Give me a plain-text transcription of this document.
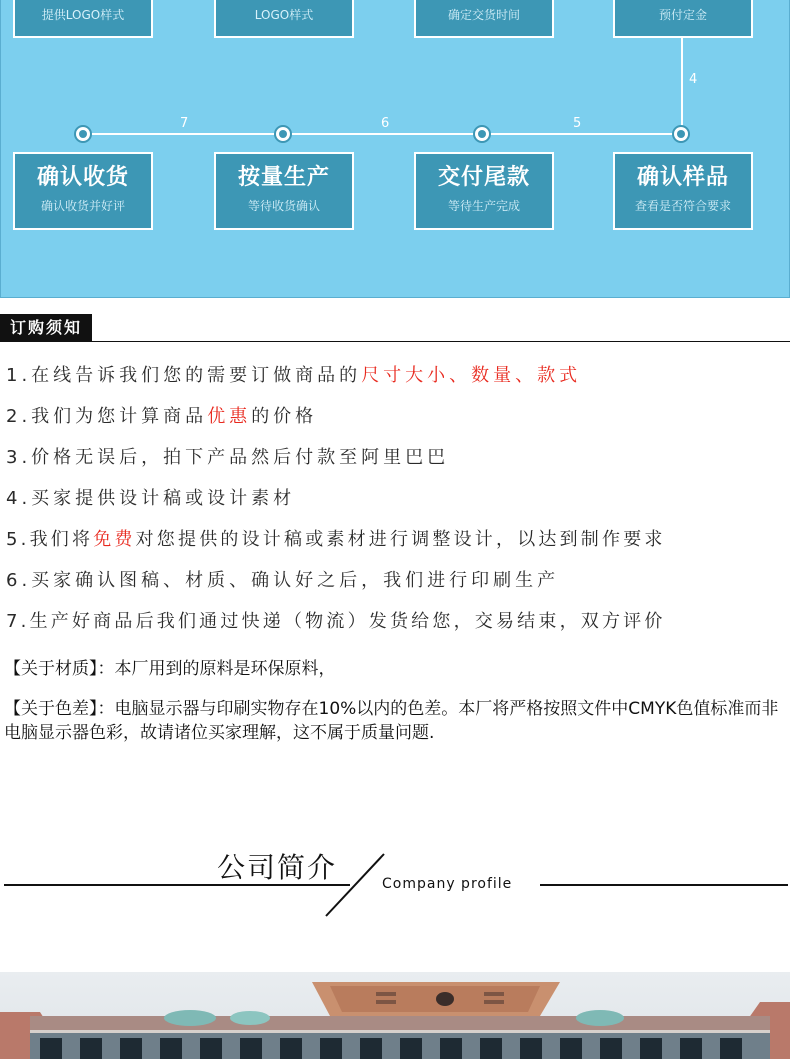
提供LOGO样式	LOGO样式	确定交货时间	预付定金
4
5
6
7
确认收货
确认收货并好评
按量生产
等待收货确认
交付尾款
等待生产完成
确认样品
查看是否符合要求
订购须知
1.在线告诉我们您的需要订做商品的尺寸大小、数量、款式
2.我们为您计算商品优惠的价格
3.价格无误后，拍下产品然后付款至阿里巴巴
4.买家提供设计稿或设计素材
5.我们将免费对您提供的设计稿或素材进行调整设计，以达到制作要求
6.买家确认图稿、材质、确认好之后，我们进行印刷生产
7.生产好商品后我们通过快递（物流）发货给您，交易结束，双方评价
【关于材质】：本厂用到的原料是环保原料，
【关于色差】：电脑显示器与印刷实物存在10%以内的色差。本厂将严格按照文件中CMYK色值标准而非电脑显示器色彩，故请诸位买家理解，这不属于质量问题.
公司简介	Company profile
